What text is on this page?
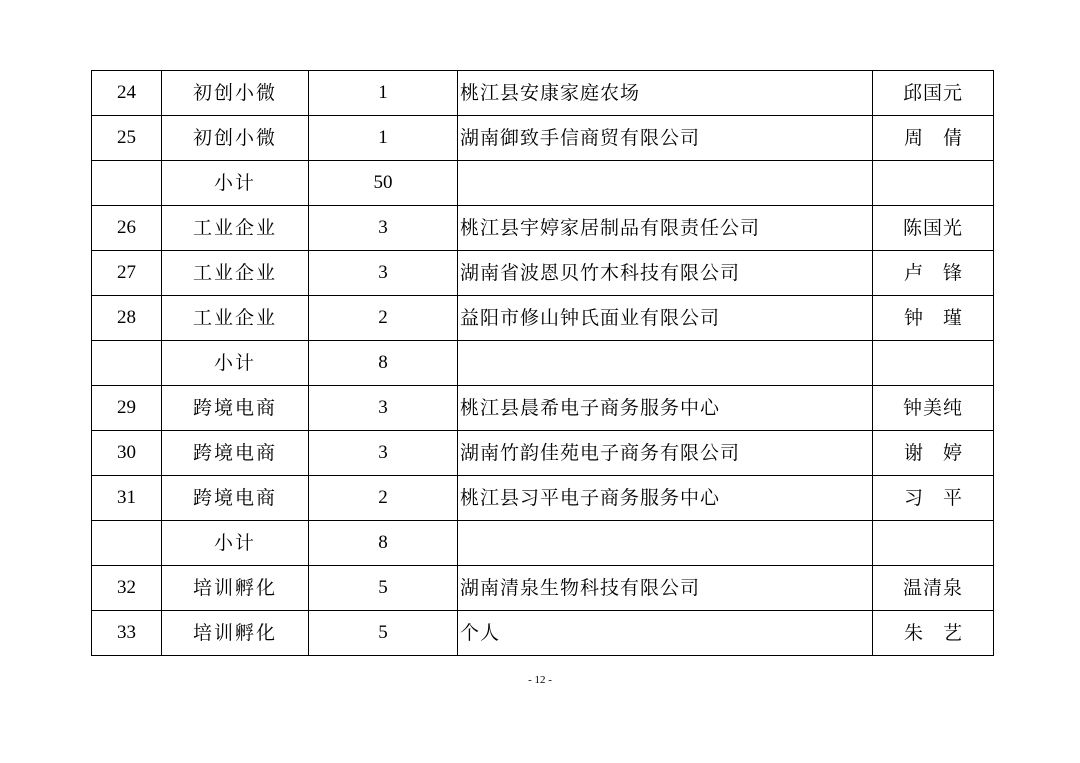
24	初创小微	1	桃江县安康家庭农场	邱国元
25	初创小微	1	湖南御致手信商贸有限公司	周倩
	小计	50		
26	工业企业	3	桃江县宇婷家居制品有限责任公司	陈国光
27	工业企业	3	湖南省波恩贝竹木科技有限公司	卢锋
28	工业企业	2	益阳市修山钟氏面业有限公司	钟瑾
	小计	8		
29	跨境电商	3	桃江县晨希电子商务服务中心	钟美纯
30	跨境电商	3	湖南竹韵佳苑电子商务有限公司	谢婷
31	跨境电商	2	桃江县习平电子商务服务中心	习平
	小计	8		
32	培训孵化	5	湖南清泉生物科技有限公司	温清泉
33	培训孵化	5	个人	朱艺
- 12 -
